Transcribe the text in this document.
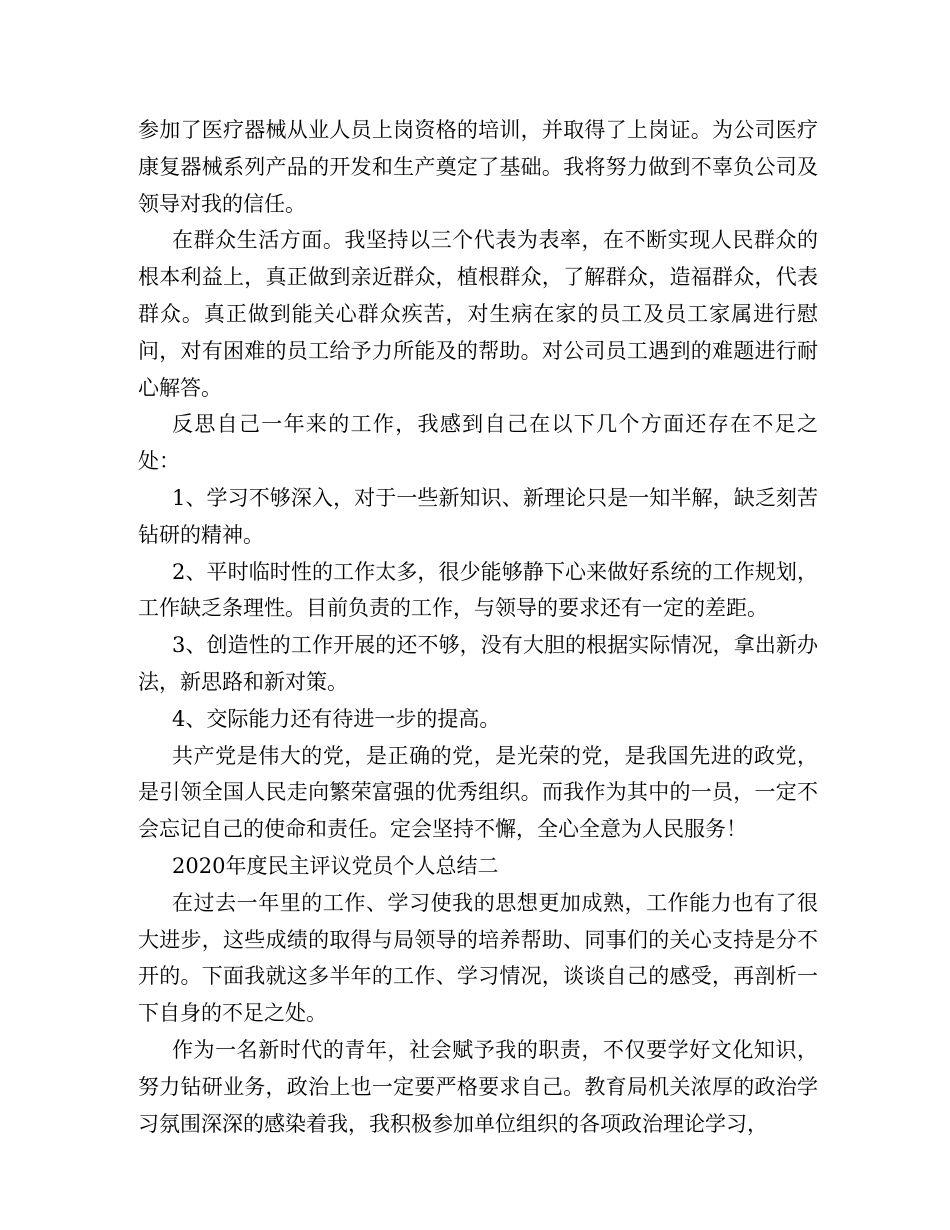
参加了医疗器械从业人员上岗资格的培训，并取得了上岗证。为公司医疗康复器械系列产品的开发和生产奠定了基础。我将努力做到不辜负公司及领导对我的信任。

在群众生活方面。我坚持以三个代表为表率，在不断实现人民群众的根本利益上，真正做到亲近群众，植根群众，了解群众，造福群众，代表群众。真正做到能关心群众疾苦，对生病在家的员工及员工家属进行慰问，对有困难的员工给予力所能及的帮助。对公司员工遇到的难题进行耐心解答。

反思自己一年来的工作，我感到自己在以下几个方面还存在不足之处：

1、学习不够深入，对于一些新知识、新理论只是一知半解，缺乏刻苦钻研的精神。

2、平时临时性的工作太多，很少能够静下心来做好系统的工作规划，工作缺乏条理性。目前负责的工作，与领导的要求还有一定的差距。

3、创造性的工作开展的还不够，没有大胆的根据实际情况，拿出新办法，新思路和新对策。

4、交际能力还有待进一步的提高。

共产党是伟大的党，是正确的党，是光荣的党，是我国先进的政党，是引领全国人民走向繁荣富强的优秀组织。而我作为其中的一员，一定不会忘记自己的使命和责任。定会坚持不懈，全心全意为人民服务！

2020年度民主评议党员个人总结二

在过去一年里的工作、学习使我的思想更加成熟，工作能力也有了很大进步，这些成绩的取得与局领导的培养帮助、同事们的关心支持是分不开的。下面我就这多半年的工作、学习情况，谈谈自己的感受，再剖析一下自身的不足之处。

作为一名新时代的青年，社会赋予我的职责，不仅要学好文化知识，努力钻研业务，政治上也一定要严格要求自己。教育局机关浓厚的政治学习氛围深深的感染着我，我积极参加单位组织的各项政治理论学习，
